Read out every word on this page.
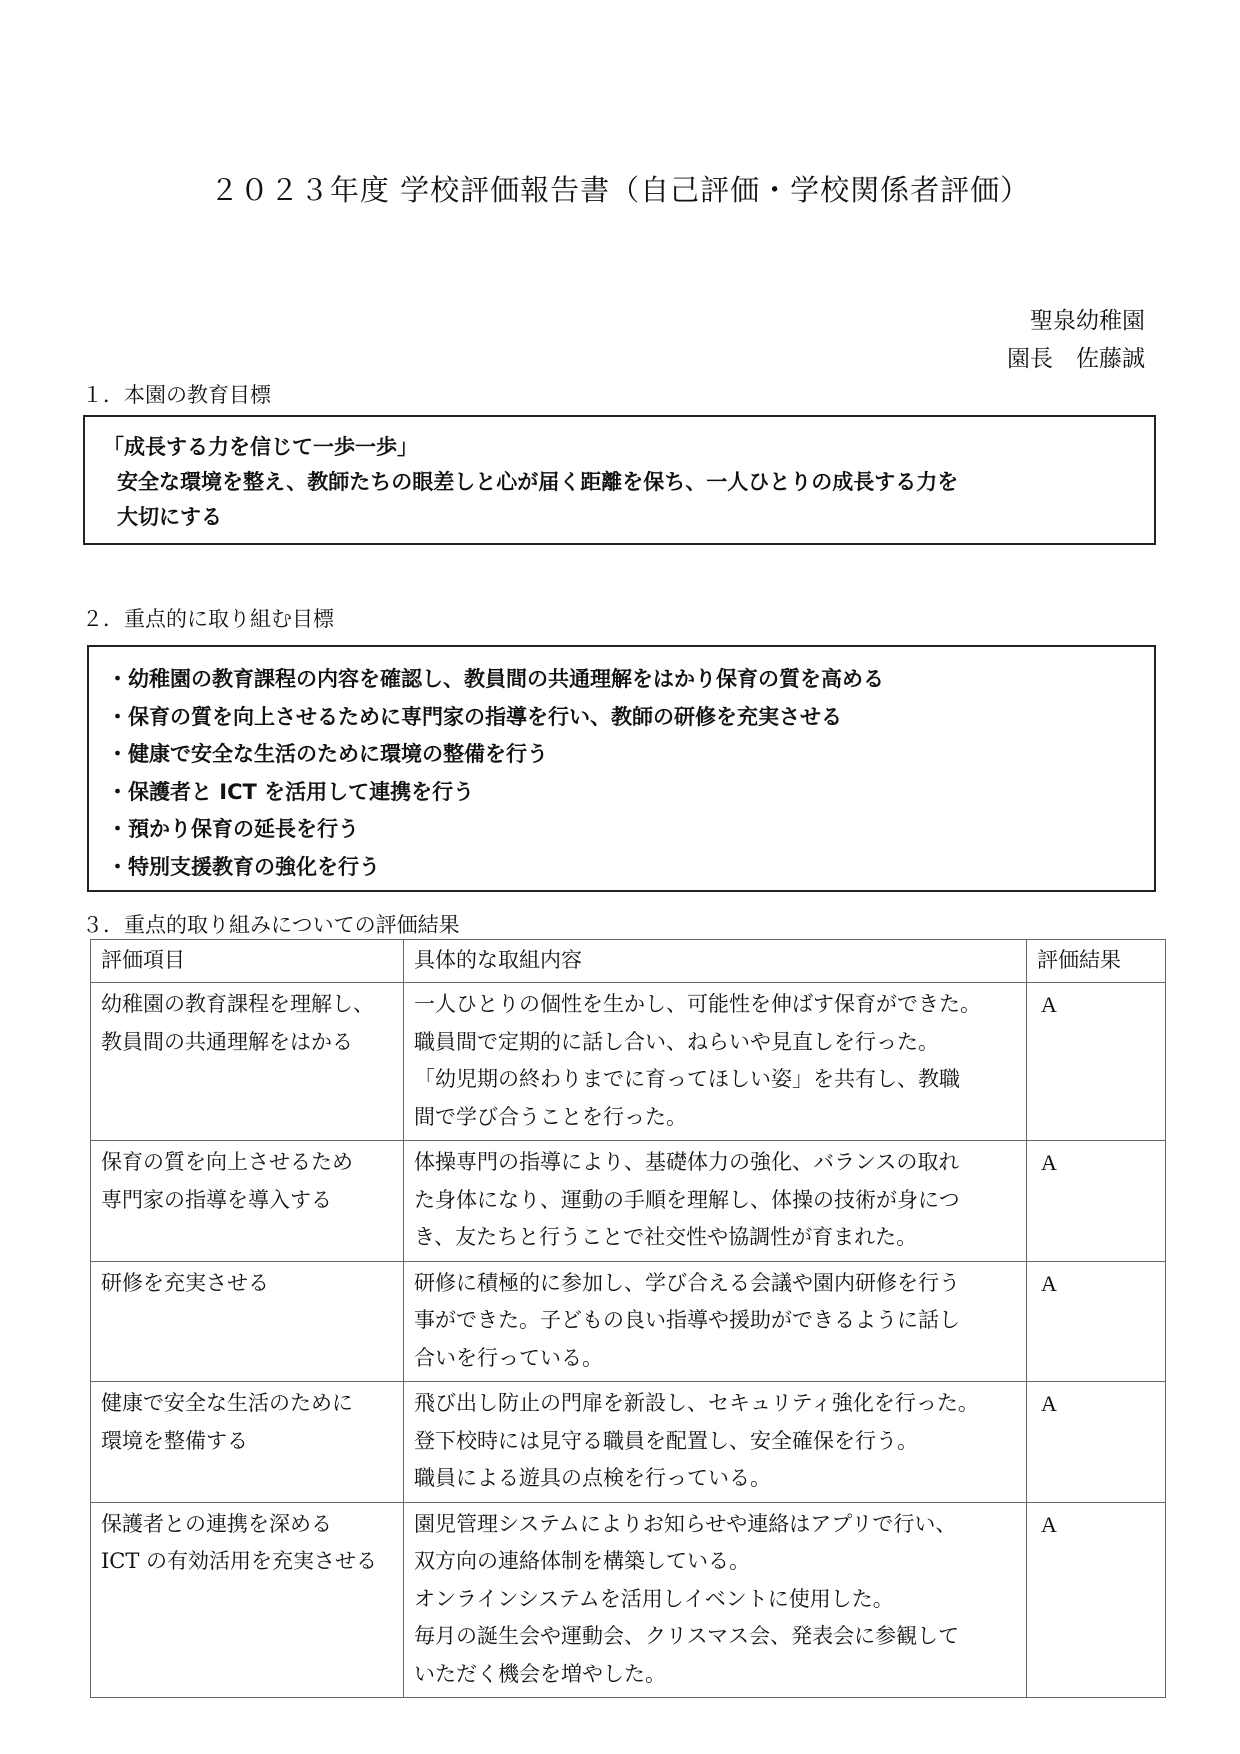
２０２３年度 学校評価報告書（自己評価・学校関係者評価）
聖泉幼稚園
園長　佐藤誠
１．本園の教育目標
「成長する力を信じて一歩一歩」
安全な環境を整え、教師たちの眼差しと心が届く距離を保ち、一人ひとりの成長する力を
大切にする
２．重点的に取り組む目標
・幼稚園の教育課程の内容を確認し、教員間の共通理解をはかり保育の質を高める
・保育の質を向上させるために専門家の指導を行い、教師の研修を充実させる
・健康で安全な生活のために環境の整備を行う
・保護者と ICT を活用して連携を行う
・預かり保育の延長を行う
・特別支援教育の強化を行う
３．重点的取り組みについての評価結果
評価項目	具体的な取組内容	評価結果

幼稚園の教育課程を理解し、
教員間の共通理解をはかる	一人ひとりの個性を生かし、可能性を伸ばす保育ができた。
職員間で定期的に話し合い、ねらいや見直しを行った。
「幼児期の終わりまでに育ってほしい姿」を共有し、教職
間で学び合うことを行った。	A

保育の質を向上させるため
専門家の指導を導入する	体操専門の指導により、基礎体力の強化、バランスの取れ
た身体になり、運動の手順を理解し、体操の技術が身につ
き、友たちと行うことで社交性や協調性が育まれた。	A

研修を充実させる	研修に積極的に参加し、学び合える会議や園内研修を行う
事ができた。子どもの良い指導や援助ができるように話し
合いを行っている。	A

健康で安全な生活のために
環境を整備する	飛び出し防止の門扉を新設し、セキュリティ強化を行った。
登下校時には見守る職員を配置し、安全確保を行う。
職員による遊具の点検を行っている。	A

保護者との連携を深める
ICT の有効活用を充実させる	園児管理システムによりお知らせや連絡はアプリで行い、
双方向の連絡体制を構築している。
オンラインシステムを活用しイベントに使用した。
毎月の誕生会や運動会、クリスマス会、発表会に参観して
いただく機会を増やした。	A
